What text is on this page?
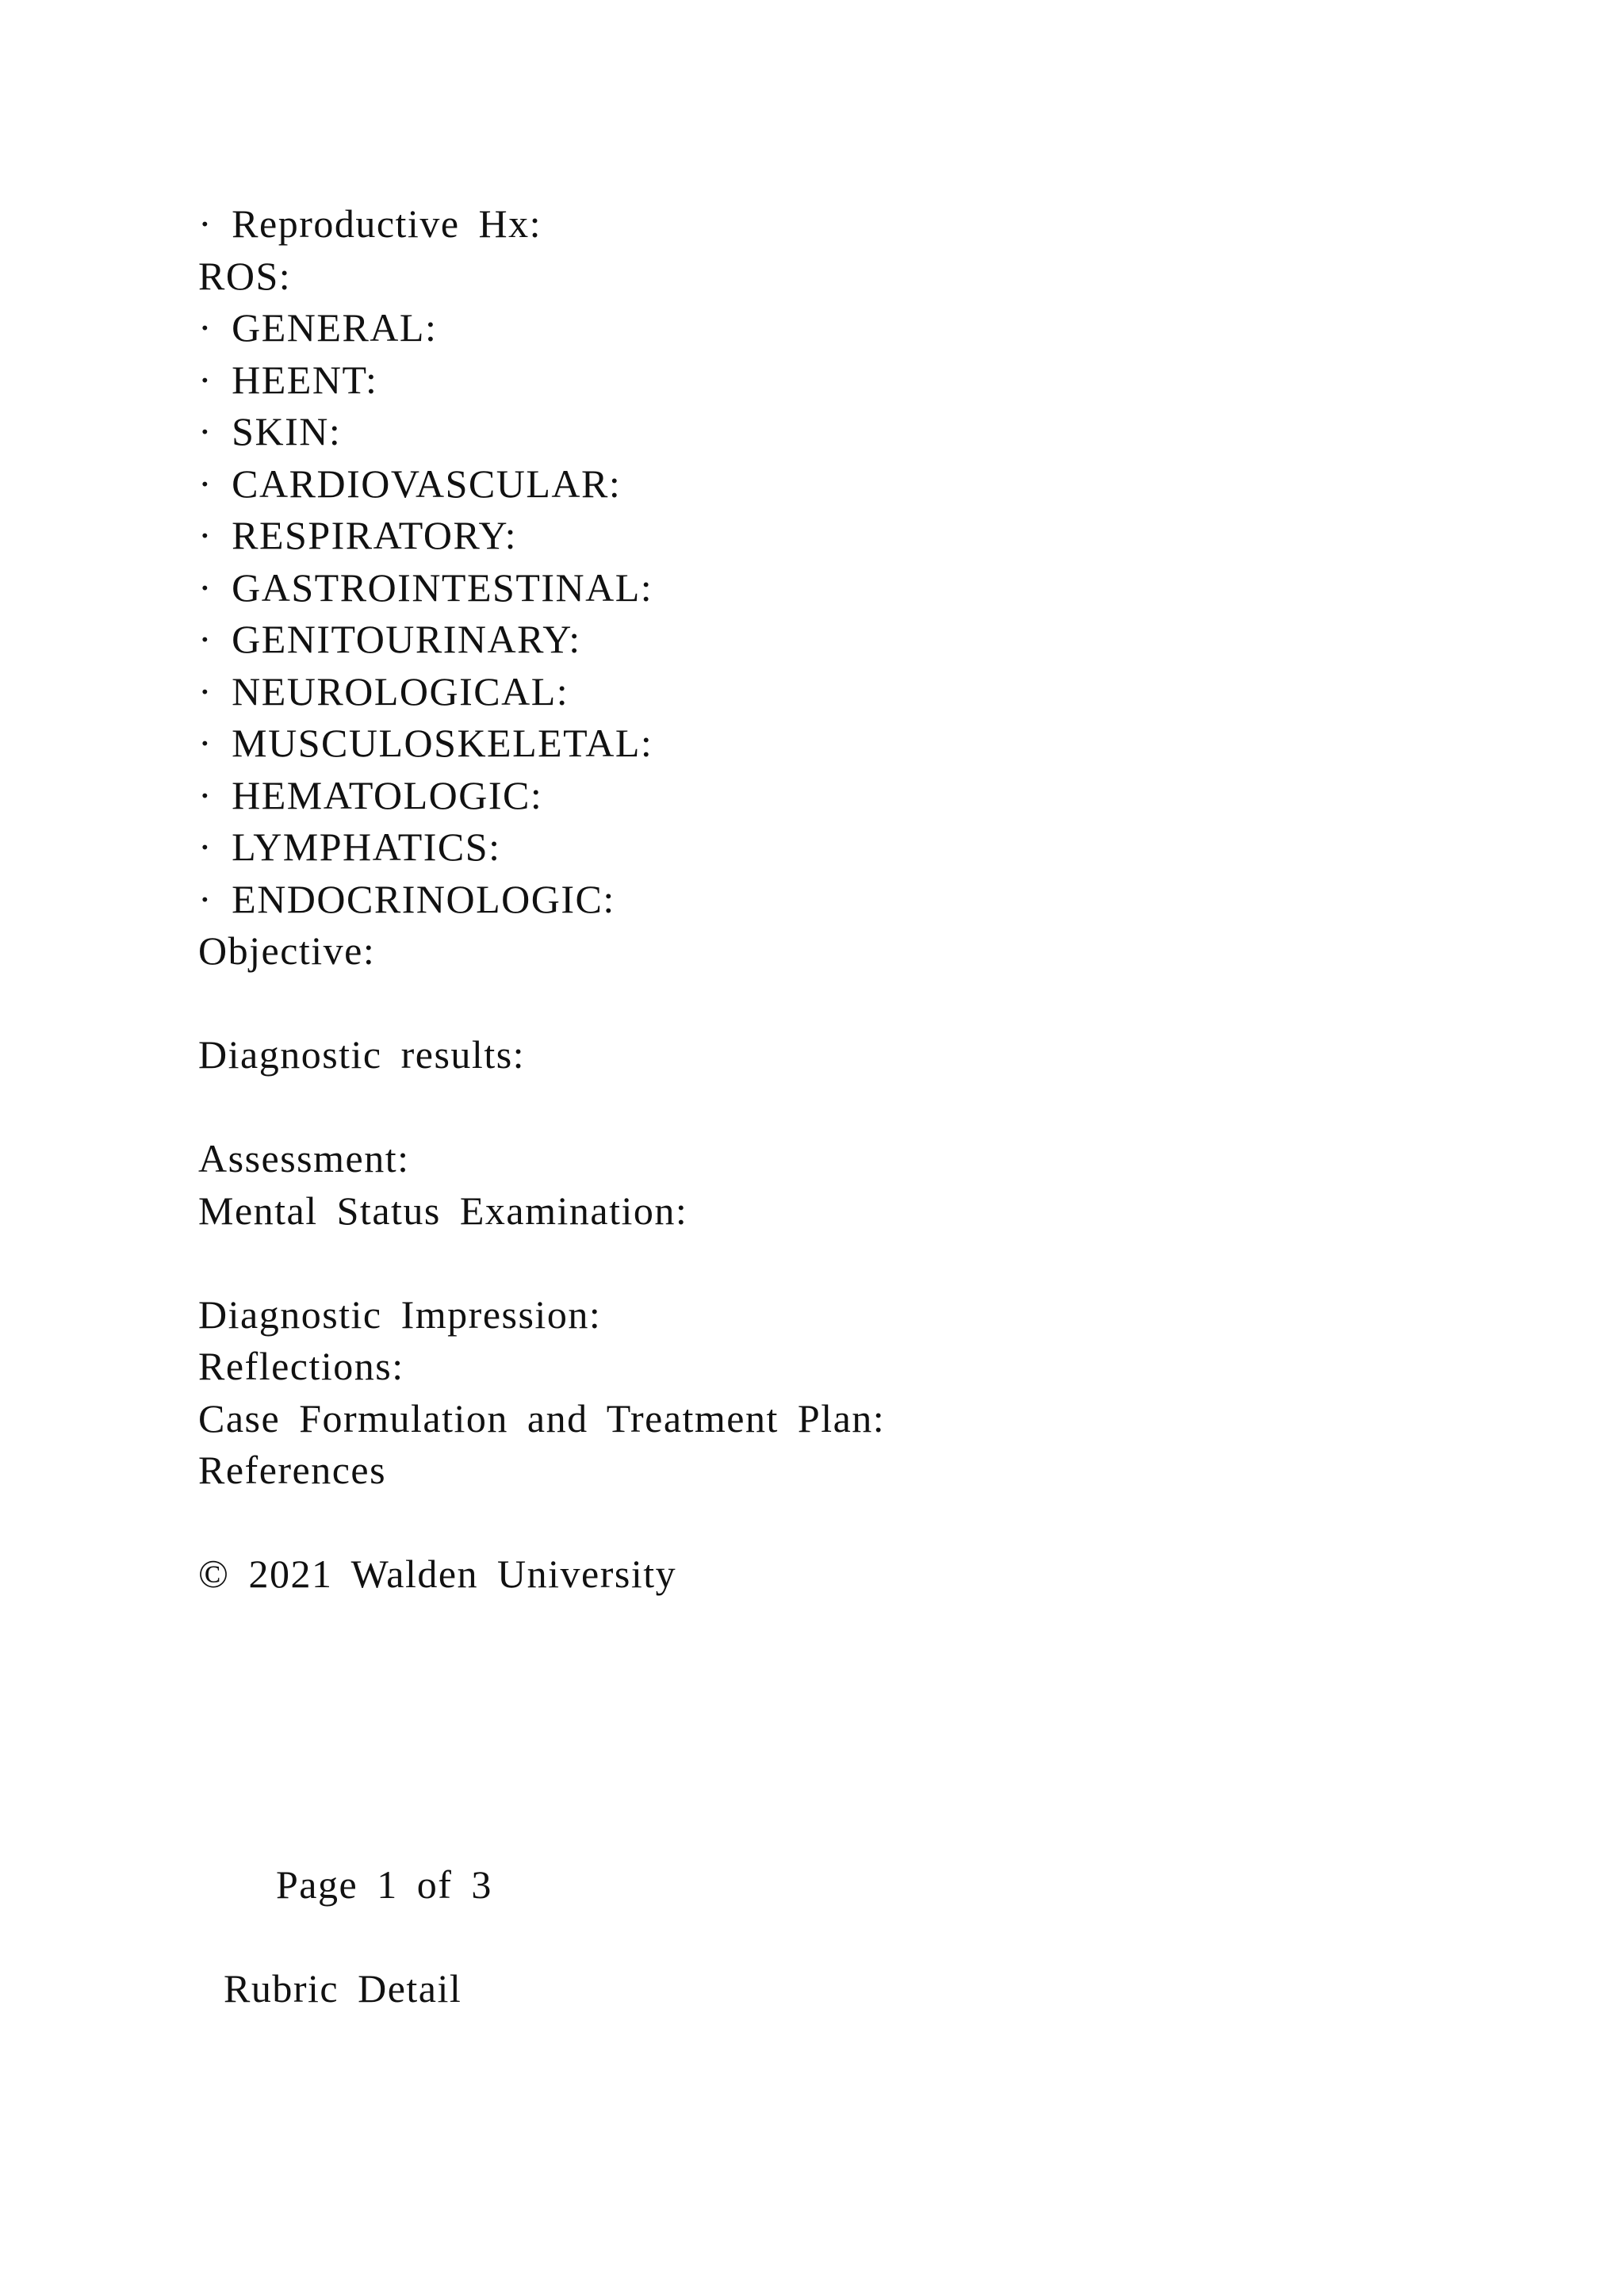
· Reproductive Hx:
ROS:
· GENERAL:
· HEENT:
· SKIN:
· CARDIOVASCULAR:
· RESPIRATORY:
· GASTROINTESTINAL:
· GENITOURINARY:
· NEUROLOGICAL:
· MUSCULOSKELETAL:
· HEMATOLOGIC:
· LYMPHATICS:
· ENDOCRINOLOGIC:
Objective:
Diagnostic results:
Assessment:
Mental Status Examination:
Diagnostic Impression:
Reflections:
Case Formulation and Treatment Plan:
References
© 2021 Walden University
Page 1 of 3
Rubric Detail
